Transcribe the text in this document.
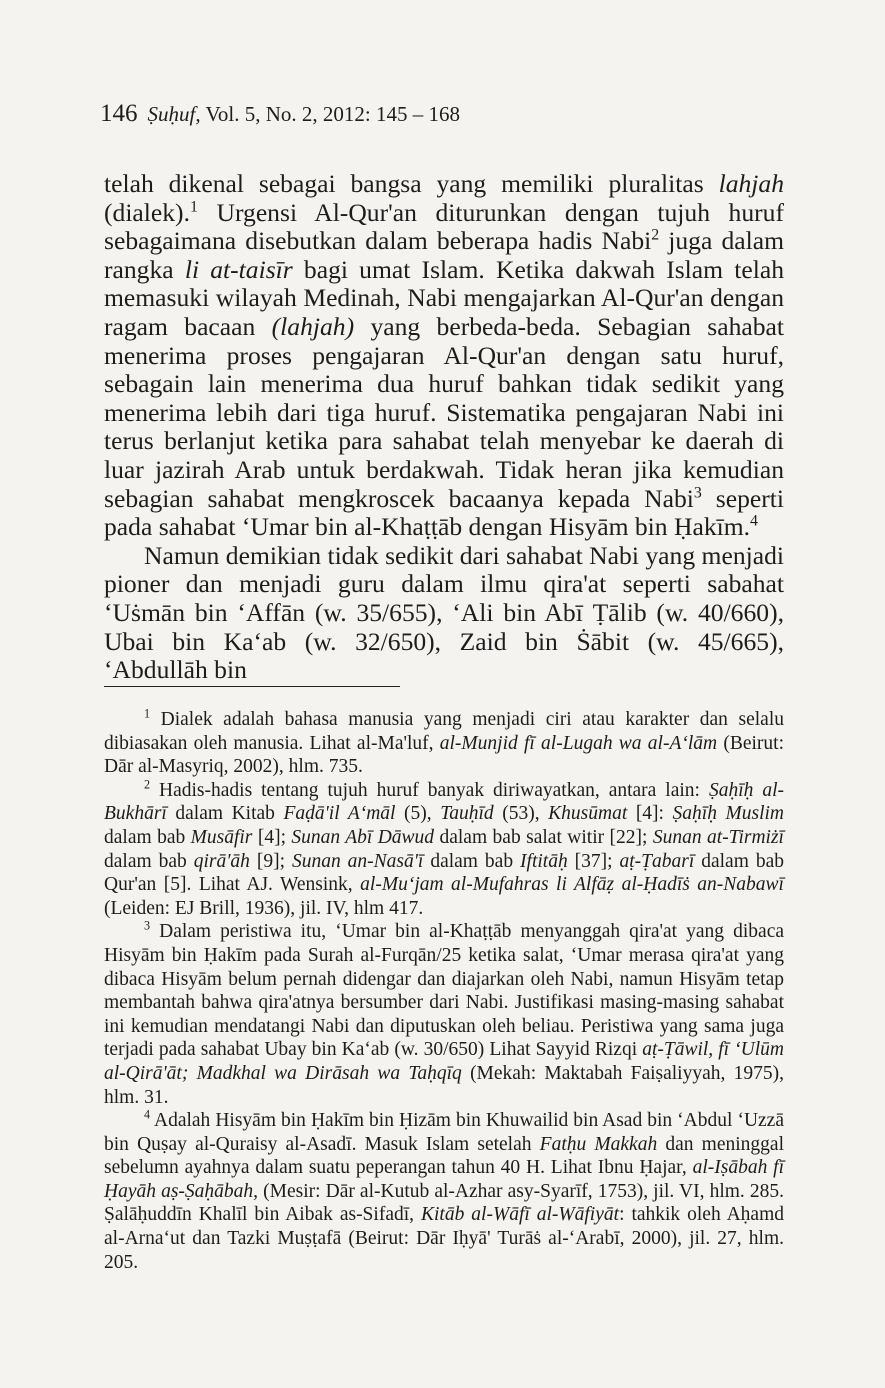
146 Ṣuḥuf, Vol. 5, No. 2, 2012: 145 – 168

telah dikenal sebagai bangsa yang memiliki pluralitas lahjah (dialek).$^1$ Urgensi Al-Qur'an diturunkan dengan tujuh huruf sebagaimana disebutkan dalam beberapa hadis Nabi$^2$ juga dalam rangka li at-taisīr bagi umat Islam. Ketika dakwah Islam telah memasuki wilayah Medinah, Nabi mengajarkan Al-Qur'an dengan ragam bacaan (lahjah) yang berbeda-beda. Sebagian sahabat menerima proses pengajaran Al-Qur'an dengan satu huruf, sebagain lain menerima dua huruf bahkan tidak sedikit yang menerima lebih dari tiga huruf. Sistematika pengajaran Nabi ini terus berlanjut ketika para sahabat telah menyebar ke daerah di luar jazirah Arab untuk berdakwah. Tidak heran jika kemudian sebagian sahabat mengkroscek bacaanya kepada Nabi$^3$ seperti pada sahabat ‘Umar bin al-Khaṭṭāb dengan Hisyām bin Ḥakīm.$^4$

Namun demikian tidak sedikit dari sahabat Nabi yang menjadi pioner dan menjadi guru dalam ilmu qira'at seperti sabahat ‘Uṡmān bin ‘Affān (w. 35/655), ‘Ali bin Abī Ṭālib (w. 40/660), Ubai bin Ka‘ab (w. 32/650), Zaid bin Ṡābit (w. 45/665), ‘Abdullāh bin

$^1$ Dialek adalah bahasa manusia yang menjadi ciri atau karakter dan selalu dibiasakan oleh manusia. Lihat al-Ma'luf, al-Munjid fī al-Lugah wa al-A‘lām (Beirut: Dār al-Masyriq, 2002), hlm. 735.

$^2$ Hadis-hadis tentang tujuh huruf banyak diriwayatkan, antara lain: Ṣaḥīḥ al-Bukhārī dalam Kitab Faḍā'il A‘māl (5), Tauḥīd (53), Khusūmat [4]: Ṣaḥīḥ Muslim dalam bab Musāfir [4]; Sunan Abī Dāwud dalam bab salat witir [22]; Sunan at-Tirmiżī dalam bab qirā'āh [9]; Sunan an-Nasā'ī dalam bab Iftitāḥ [37]; aṭ-Ṭabarī dalam bab Qur'an [5]. Lihat AJ. Wensink, al-Mu‘jam al-Mufahras li Alfāẓ al-Ḥadīṡ an-Nabawī (Leiden: EJ Brill, 1936), jil. IV, hlm 417.

$^3$ Dalam peristiwa itu, ‘Umar bin al-Khaṭṭāb menyanggah qira'at yang dibaca Hisyām bin Ḥakīm pada Surah al-Furqān/25 ketika salat, ‘Umar merasa qira'at yang dibaca Hisyām belum pernah didengar dan diajarkan oleh Nabi, namun Hisyām tetap membantah bahwa qira'atnya bersumber dari Nabi. Justifikasi masing-masing sahabat ini kemudian mendatangi Nabi dan diputuskan oleh beliau. Peristiwa yang sama juga terjadi pada sahabat Ubay bin Ka‘ab (w. 30/650) Lihat Sayyid Rizqi aṭ-Ṭāwil, fī ‘Ulūm al-Qirā'āt; Madkhal wa Dirāsah wa Taḥqīq (Mekah: Maktabah Faiṣaliyyah, 1975), hlm. 31.

$^4$ Adalah Hisyām bin Ḥakīm bin Ḥizām bin Khuwailid bin Asad bin ‘Abdul ‘Uzzā bin Quṣay al-Quraisy al-Asadī. Masuk Islam setelah Fatḥu Makkah dan meninggal sebelumn ayahnya dalam suatu peperangan tahun 40 H. Lihat Ibnu Ḥajar, al-Iṣābah fī Ḥayāh aṣ-Ṣaḥābah, (Mesir: Dār al-Kutub al-Azhar asy-Syarīf, 1753), jil. VI, hlm. 285. Ṣalāḥuddīn Khalīl bin Aibak as-Sifadī, Kitāb al-Wāfī al-Wāfiyāt: tahkik oleh Aḥamd al-Arna‘ut dan Tazki Muṣṭafā (Beirut: Dār Iḥyā' Turāṡ al-‘Arabī, 2000), jil. 27, hlm. 205.
